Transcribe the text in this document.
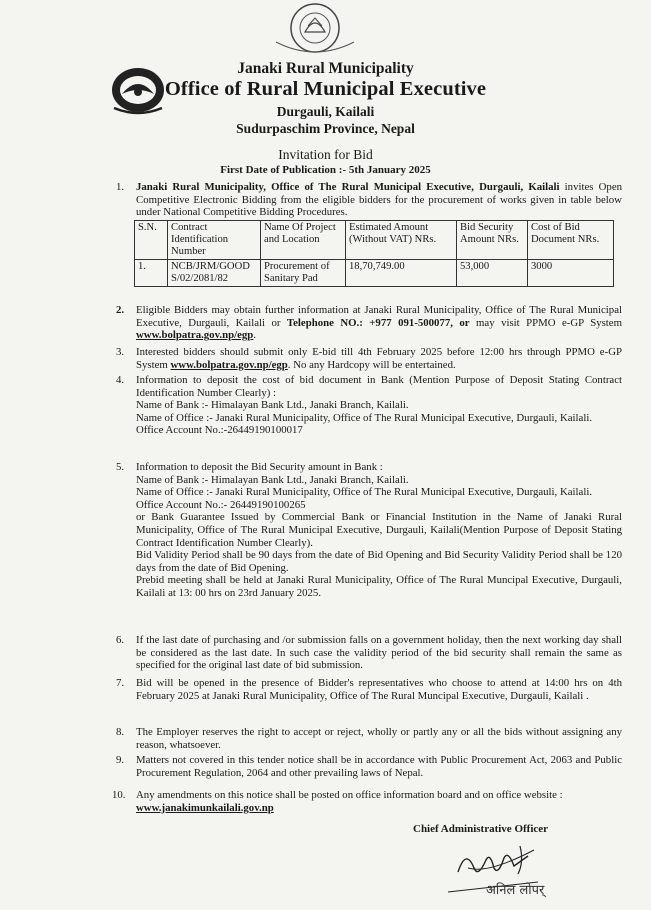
Janaki Rural Municipality
Office of Rural Municipal Executive
Durgauli, Kailali
Sudurpaschim Province, Nepal
Invitation for Bid
First Date of Publication :- 5th January 2025
1. Janaki Rural Municipality, Office of The Rural Municipal Executive, Durgauli, Kailali invites Open Competitive Electronic Bidding from the eligible bidders for the procurement of works given in table below under National Competitive Bidding Procedures.
S.N.	Contract Identification Number	Name Of Project and Location	Estimated Amount (Without VAT) NRs.	Bid Security Amount NRs.	Cost of Bid Document NRs.
1.	NCB/JRM/GOODS/02/2081/82	Procurement of Sanitary Pad	18,70,749.00	53,000	3000
2. Eligible Bidders may obtain further information at Janaki Rural Municipality, Office of The Rural Municipal Executive, Durgauli, Kailali or Telephone NO.: +977 091-500077, or may visit PPMO e-GP System www.bolpatra.gov.np/egp.
3. Interested bidders should submit only E-bid till 4th February 2025 before 12:00 hrs through PPMO e-GP System www.bolpatra.gov.np/egp. No any Hardcopy will be entertained.
4. Information to deposit the cost of bid document in Bank (Mention Purpose of Deposit Stating Contract Identification Number Clearly) :
Name of Bank :- Himalayan Bank Ltd., Janaki Branch, Kailali.
Name of Office :- Janaki Rural Municipality, Office of The Rural Municipal Executive, Durgauli, Kailali.
Office Account No.:-26449190100017
5. Information to deposit the Bid Security amount in Bank :
Name of Bank :- Himalayan Bank Ltd., Janaki Branch, Kailali.
Name of Office :- Janaki Rural Municipality, Office of The Rural Municipal Executive, Durgauli, Kailali.
Office Account No.:- 26449190100265
or Bank Guarantee Issued by Commercial Bank or Financial Institution in the Name of Janaki Rural Municipality, Office of The Rural Municipal Executive, Durgauli, Kailali(Mention Purpose of Deposit Stating Contract Identification Number Clearly).
Bid Validity Period shall be 90 days from the date of Bid Opening and Bid Security Validity Period shall be 120 days from the date of Bid Opening.
Prebid meeting shall be held at Janaki Rural Municipality, Office of The Rural Muncipal Executive, Durgauli, Kailali at 13: 00 hrs on 23rd January 2025.
6. If the last date of purchasing and /or submission falls on a government holiday, then the next working day shall be considered as the last date. In such case the validity period of the bid security shall remain the same as specified for the original last date of bid submission.
7. Bid will be opened in the presence of Bidder's representatives who choose to attend at 14:00 hrs on 4th February 2025 at Janaki Rural Municipality, Office of The Rural Muncipal Executive, Durgauli, Kailali .
8. The Employer reserves the right to accept or reject, wholly or partly any or all the bids without assigning any reason, whatsoever.
9. Matters not covered in this tender notice shall be in accordance with Public Procurement Act, 2063 and Public Procurement Regulation, 2064 and other prevailing laws of Nepal.
10. Any amendments on this notice shall be posted on office information board and on office website :
www.janakimunkailali.gov.np
Chief Administrative Officer
अनिल लोपर्
